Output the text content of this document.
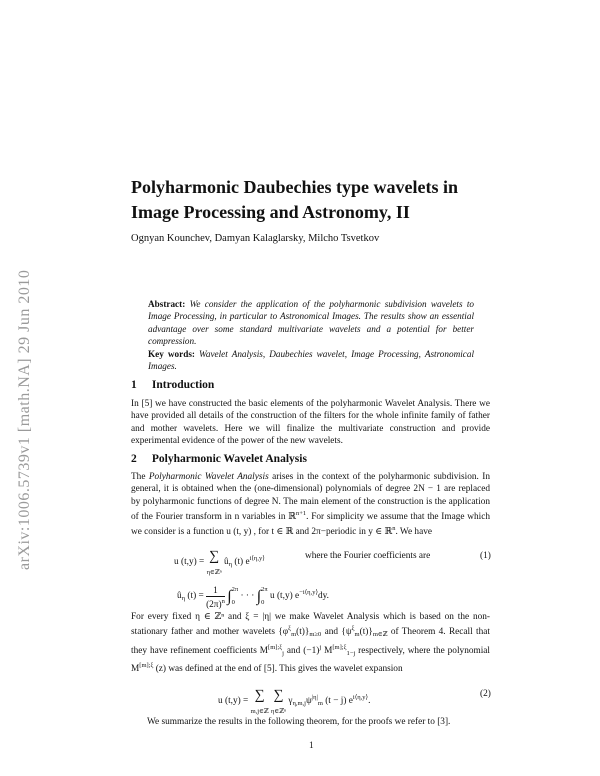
arXiv:1006.5739v1 [math.NA] 29 Jun 2010
Polyharmonic Daubechies type wavelets in Image Processing and Astronomy, II
Ognyan Kounchev, Damyan Kalaglarsky, Milcho Tsvetkov
Abstract: We consider the application of the polyharmonic subdivision wavelets to Image Processing, in particular to Astronomical Images. The results show an essential advantage over some standard multivariate wavelets and a potential for better compression.
Key words: Wavelet Analysis, Daubechies wavelet, Image Processing, Astronomical Images.
1 Introduction
In [5] we have constructed the basic elements of the polyharmonic Wavelet Analysis. There we have provided all details of the construction of the filters for the whole infinite family of father and mother wavelets. Here we will finalize the multivariate construction and provide experimental evidence of the power of the new wavelets.
2 Polyharmonic Wavelet Analysis
The Polyharmonic Wavelet Analysis arises in the context of the polyharmonic subdivision. In general, it is obtained when the (one-dimensional) polynomials of degree 2N − 1 are replaced by polyharmonic functions of degree N. The main element of the construction is the application of the Fourier transform in n variables in ℝ$^{n+1}$. For simplicity we assume that the Image which we consider is a function u (t, y) , for t ∈ ℝ and 2π−periodic in y ∈ ℝ$^n$. We have
u (t,y) = ∑
$_{\eta\in ℤ^n}$ $û_\eta$ (t) $e^{i⟨\eta,y⟩}$	where the Fourier coefficients are	(1)
$û_\eta$ $(t) = \frac{1}{(2\pi)^n} \int_{2\pi}$
$_0$ · · · $\int_{2\pi}$
$_0$ u (t,y) $e^{-i⟨\eta,y⟩}dy$.
For every fixed η ∈ ℤⁿ and ξ = |η| we make Wavelet Analysis which is based on the non-stationary father and mother wavelets $\{\varphi^\xi_m(t)\}_{m\ge 0}$ and $\{\psi^\xi_m(t)\}_{m\in ℤ}$ of Theorem 4. Recall that they have refinement coefficients $M^{[m];\xi}_j$ and $(-1)^j$ $M^{[m];\xi}_{1-j}$ respectively, where the polynomial $M^{[m];\xi}$ (z) was defined at the end of [5]. This gives the wavelet expansion
u (t,y) = ∑
$_{m,j\in ℤ}$ ∑
$_{\eta\in ℤ^n}$ $\gamma_{\eta,m,j}\psi^{|\eta|}_m$ (t − j) $e^{i⟨\eta,y⟩}$.
(2)
We summarize the results in the following theorem, for the proofs we refer to [3].
1
